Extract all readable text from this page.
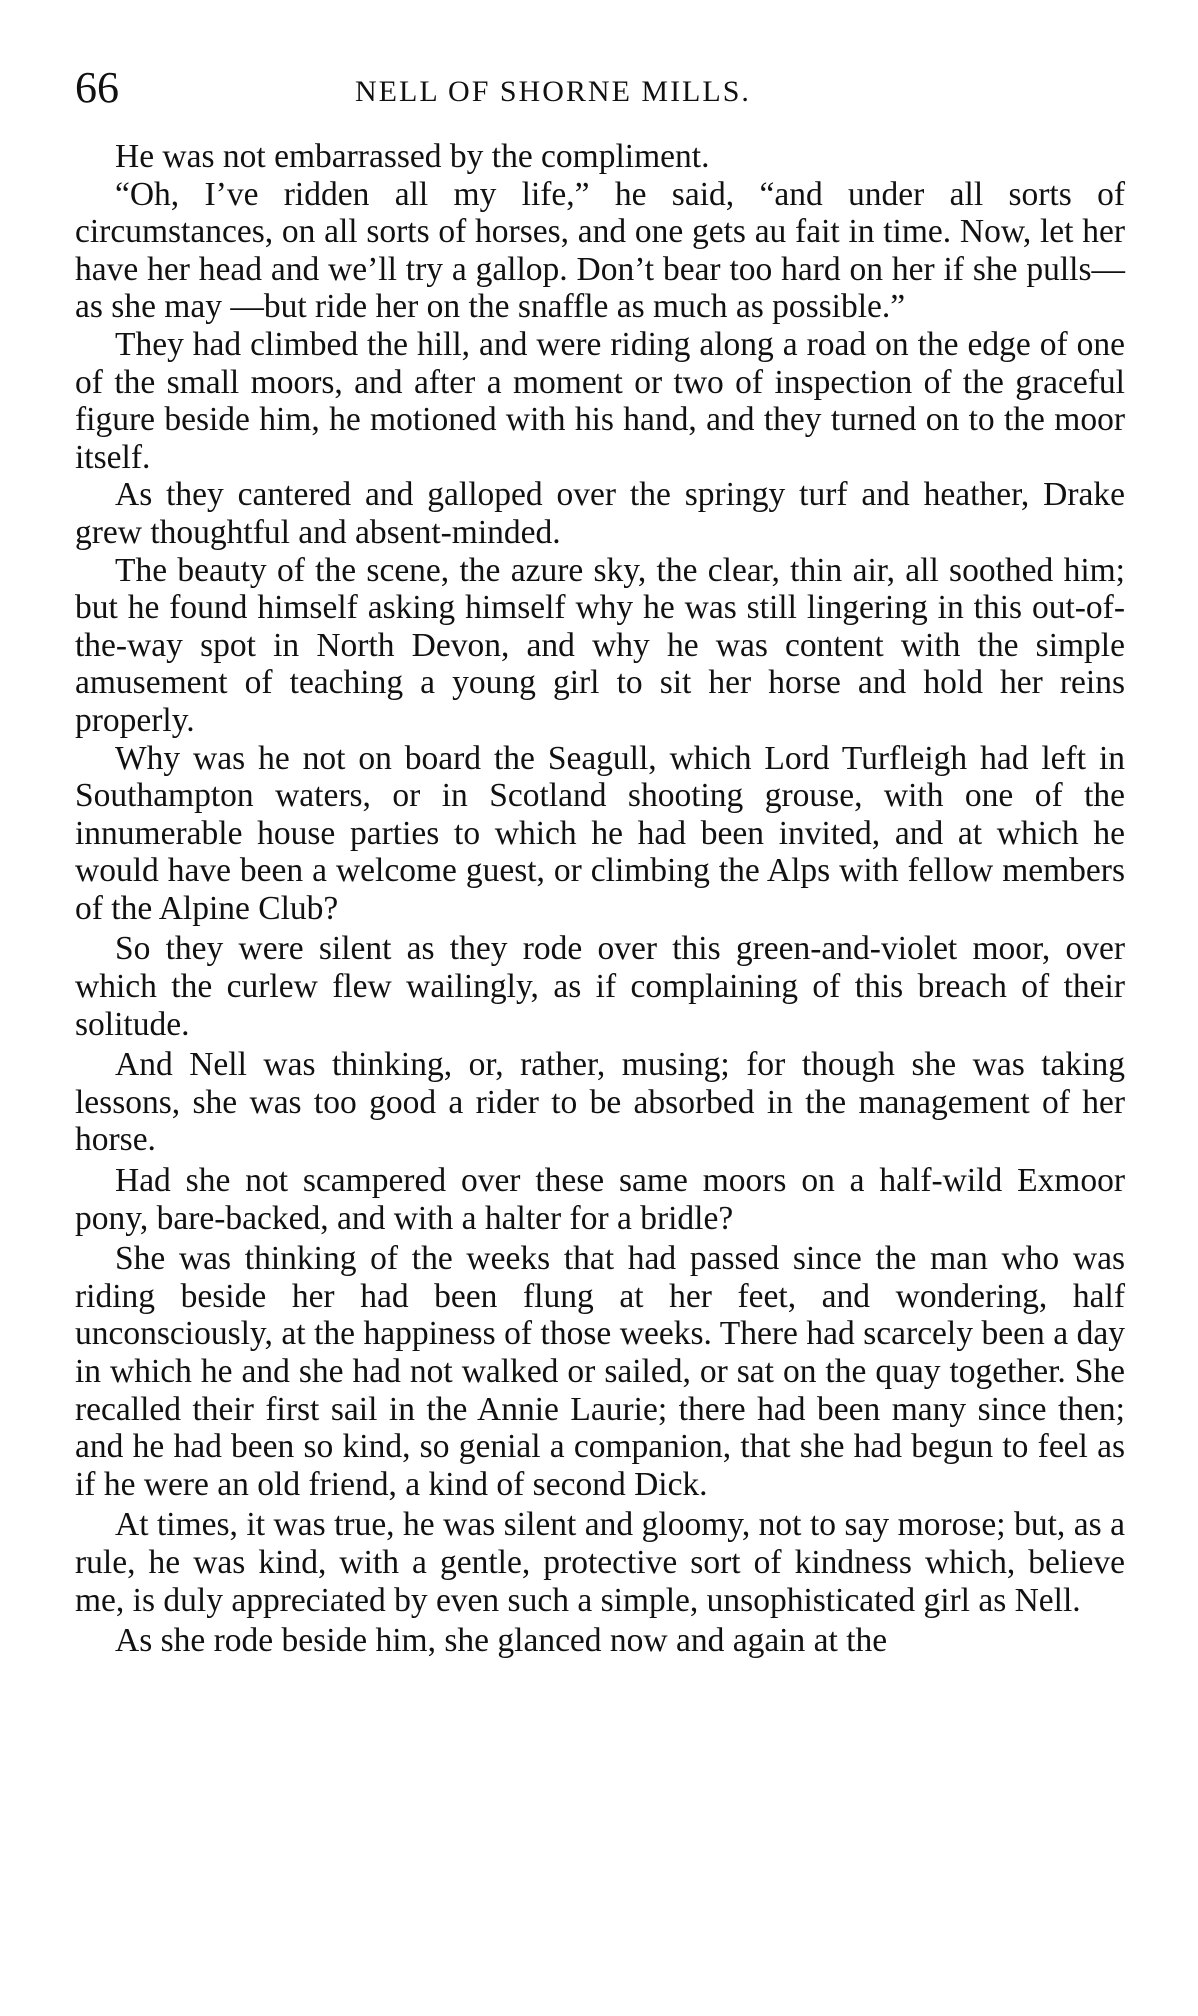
66	NELL OF SHORNE MILLS.

He was not embarrassed by the compliment.

“Oh, I’ve ridden all my life,” he said, “and under all sorts of circumstances, on all sorts of horses, and one gets au fait in time. Now, let her have her head and we’ll try a gallop. Don’t bear too hard on her if she pulls—as she may —but ride her on the snaffle as much as possible.”

They had climbed the hill, and were riding along a road on the edge of one of the small moors, and after a moment or two of inspection of the graceful figure beside him, he motioned with his hand, and they turned on to the moor itself.

As they cantered and galloped over the springy turf and heather, Drake grew thoughtful and absent-minded.

The beauty of the scene, the azure sky, the clear, thin air, all soothed him; but he found himself asking himself why he was still lingering in this out-of-the-way spot in North Devon, and why he was content with the simple amusement of teaching a young girl to sit her horse and hold her reins properly.

Why was he not on board the Seagull, which Lord Turfleigh had left in Southampton waters, or in Scotland shooting grouse, with one of the innumerable house parties to which he had been invited, and at which he would have been a welcome guest, or climbing the Alps with fellow members of the Alpine Club?

So they were silent as they rode over this green-and-violet moor, over which the curlew flew wailingly, as if complaining of this breach of their solitude.

And Nell was thinking, or, rather, musing; for though she was taking lessons, she was too good a rider to be absorbed in the management of her horse.

Had she not scampered over these same moors on a half-wild Exmoor pony, bare-backed, and with a halter for a bridle?

She was thinking of the weeks that had passed since the man who was riding beside her had been flung at her feet, and wondering, half unconsciously, at the happiness of those weeks. There had scarcely been a day in which he and she had not walked or sailed, or sat on the quay together. She recalled their first sail in the Annie Laurie; there had been many since then; and he had been so kind, so genial a companion, that she had begun to feel as if he were an old friend, a kind of second Dick.

At times, it was true, he was silent and gloomy, not to say morose; but, as a rule, he was kind, with a gentle, protective sort of kindness which, believe me, is duly appreciated by even such a simple, unsophisticated girl as Nell.

As she rode beside him, she glanced now and again at the
